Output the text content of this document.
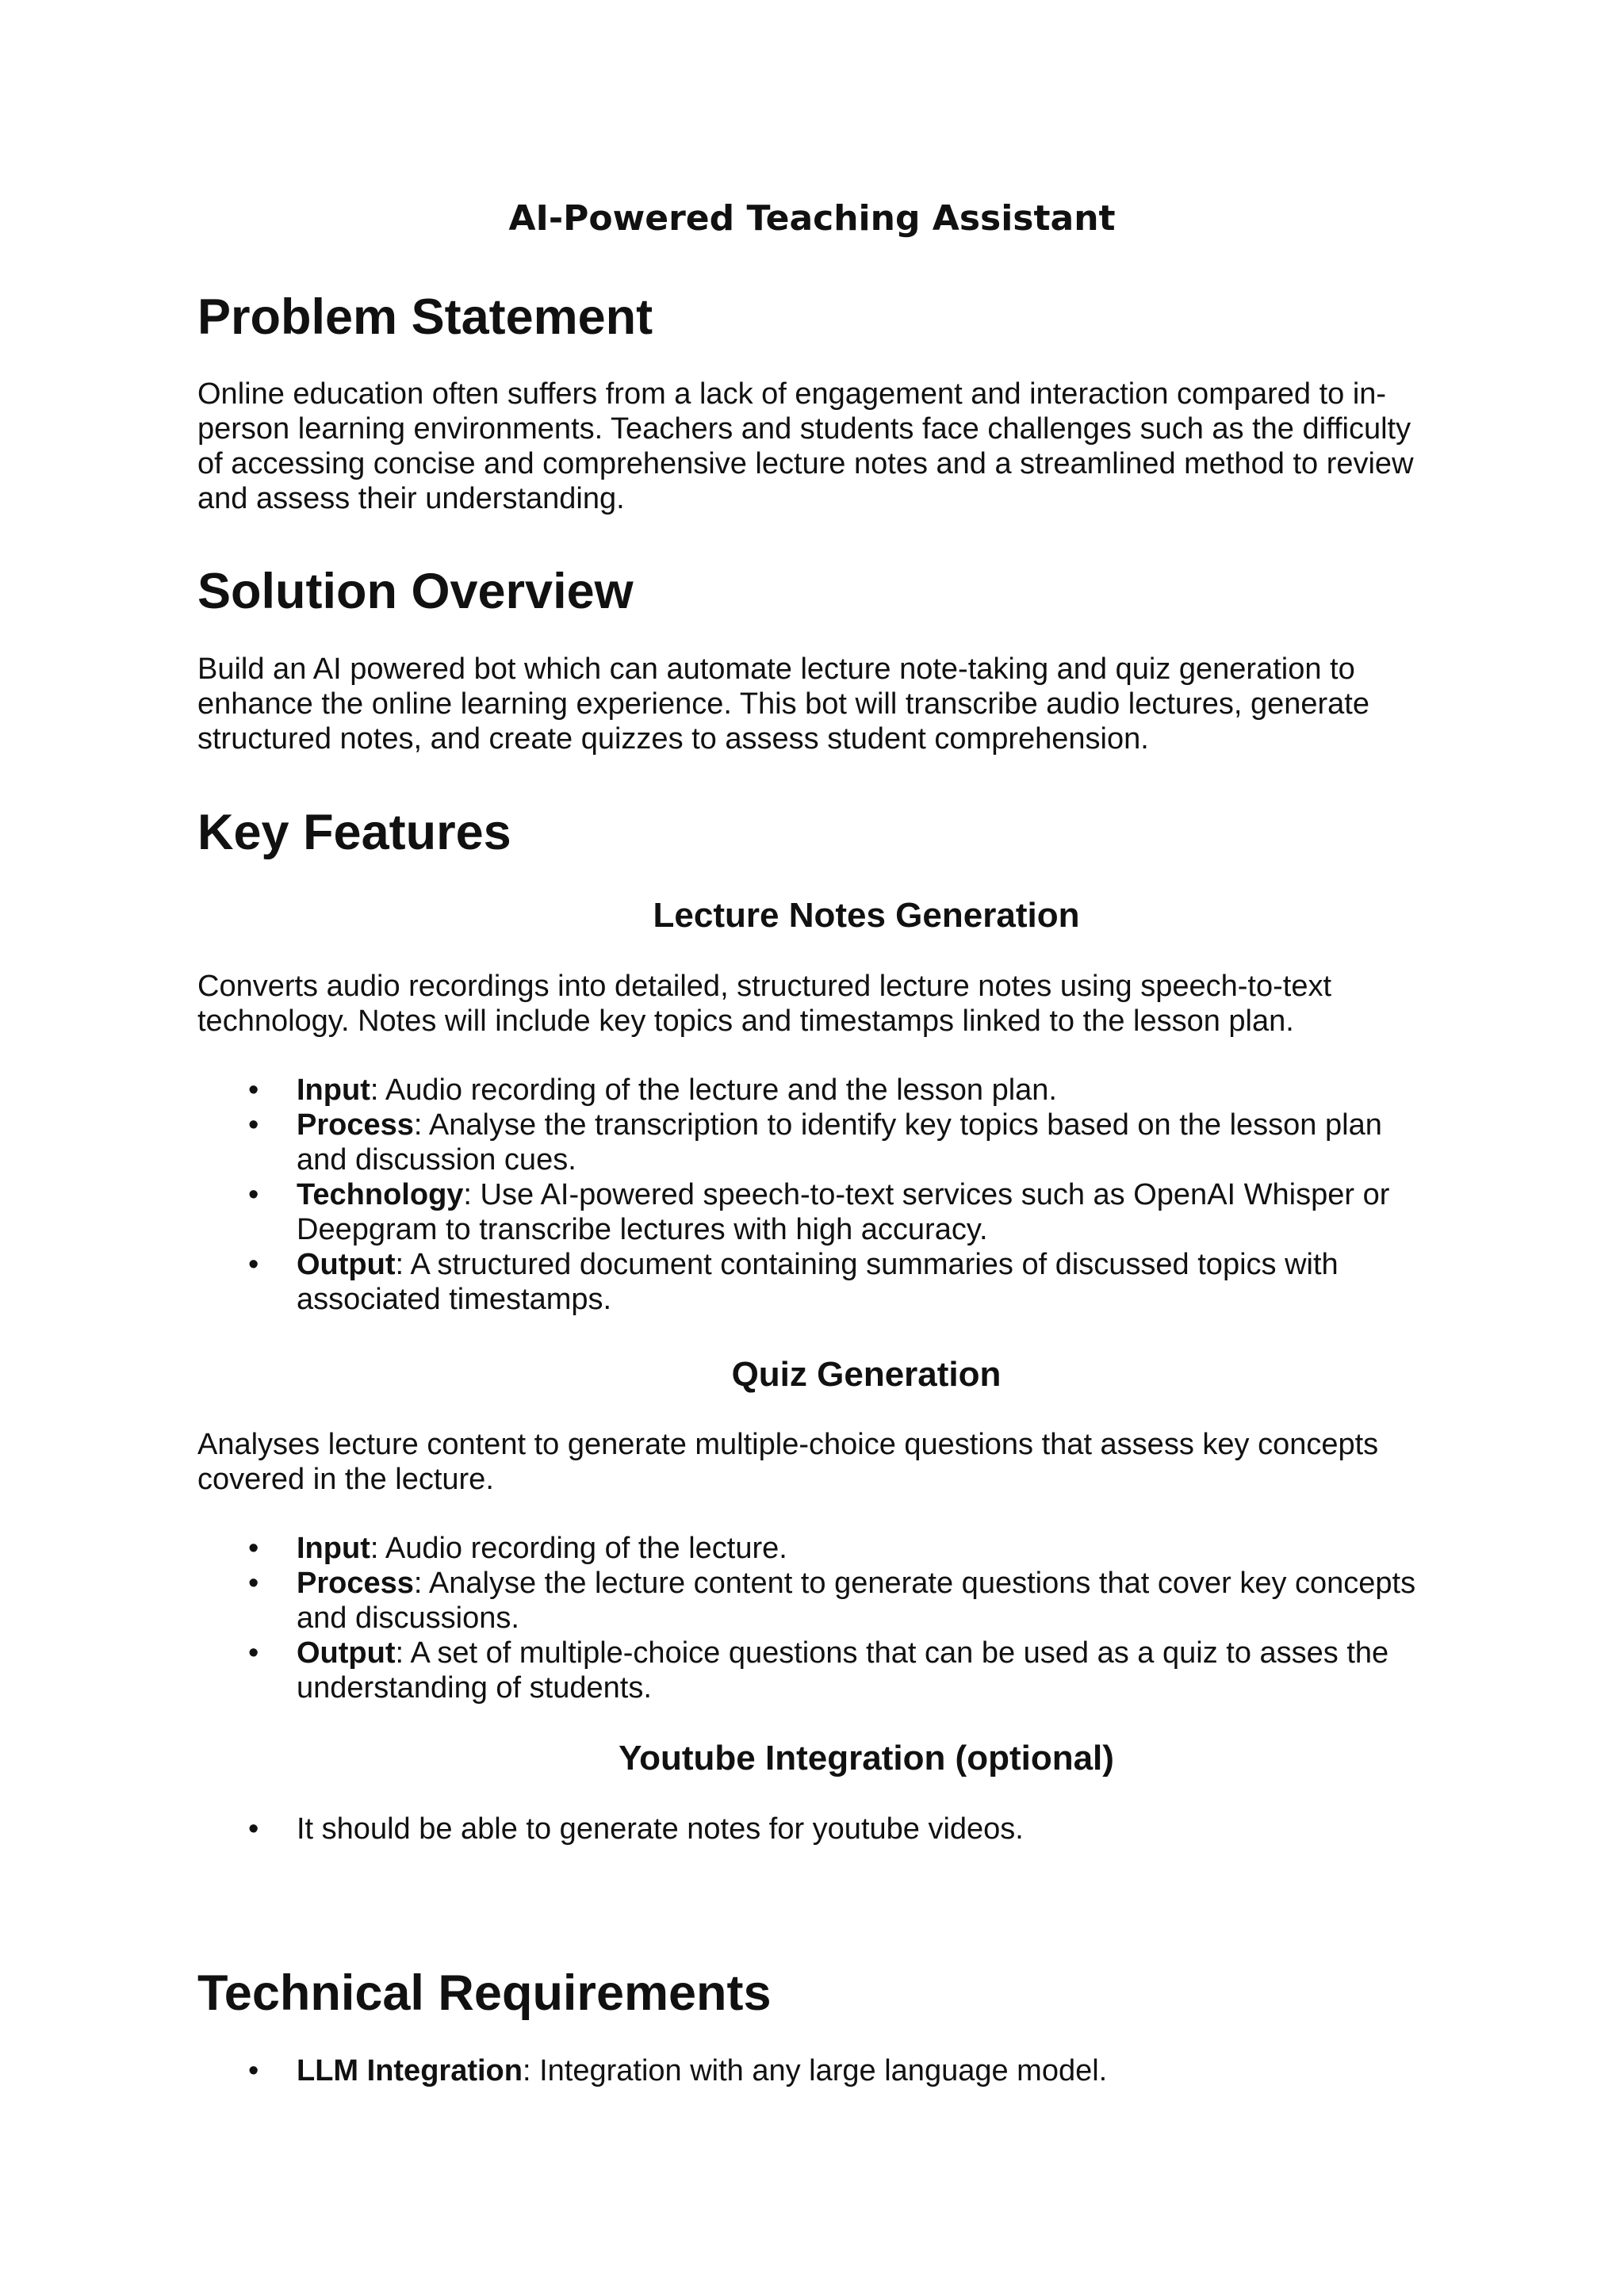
AI-Powered Teaching Assistant
Problem Statement

Online education often suffers from a lack of engagement and interaction compared to in-person learning environments. Teachers and students face challenges such as the difficulty of accessing concise and comprehensive lecture notes and a streamlined method to review and assess their understanding.

Solution Overview

Build an AI powered bot which can automate lecture note-taking and quiz generation to enhance the online learning experience. This bot will transcribe audio lectures, generate structured notes, and create quizzes to assess student comprehension.

Key Features
Lecture Notes Generation

Converts audio recordings into detailed, structured lecture notes using speech-to-text technology. Notes will include key topics and timestamps linked to the lesson plan.

• Input: Audio recording of the lecture and the lesson plan.
• Process: Analyse the transcription to identify key topics based on the lesson plan and discussion cues.
• Technology: Use AI-powered speech-to-text services such as OpenAI Whisper or Deepgram to transcribe lectures with high accuracy.
• Output: A structured document containing summaries of discussed topics with associated timestamps.
Quiz Generation

Analyses lecture content to generate multiple-choice questions that assess key concepts covered in the lecture.

• Input: Audio recording of the lecture.
• Process: Analyse the lecture content to generate questions that cover key concepts and discussions.
• Output: A set of multiple-choice questions that can be used as a quiz to asses the understanding of students.
Youtube Integration (optional)
• It should be able to generate notes for youtube videos.
Technical Requirements
• LLM Integration: Integration with any large language model.
